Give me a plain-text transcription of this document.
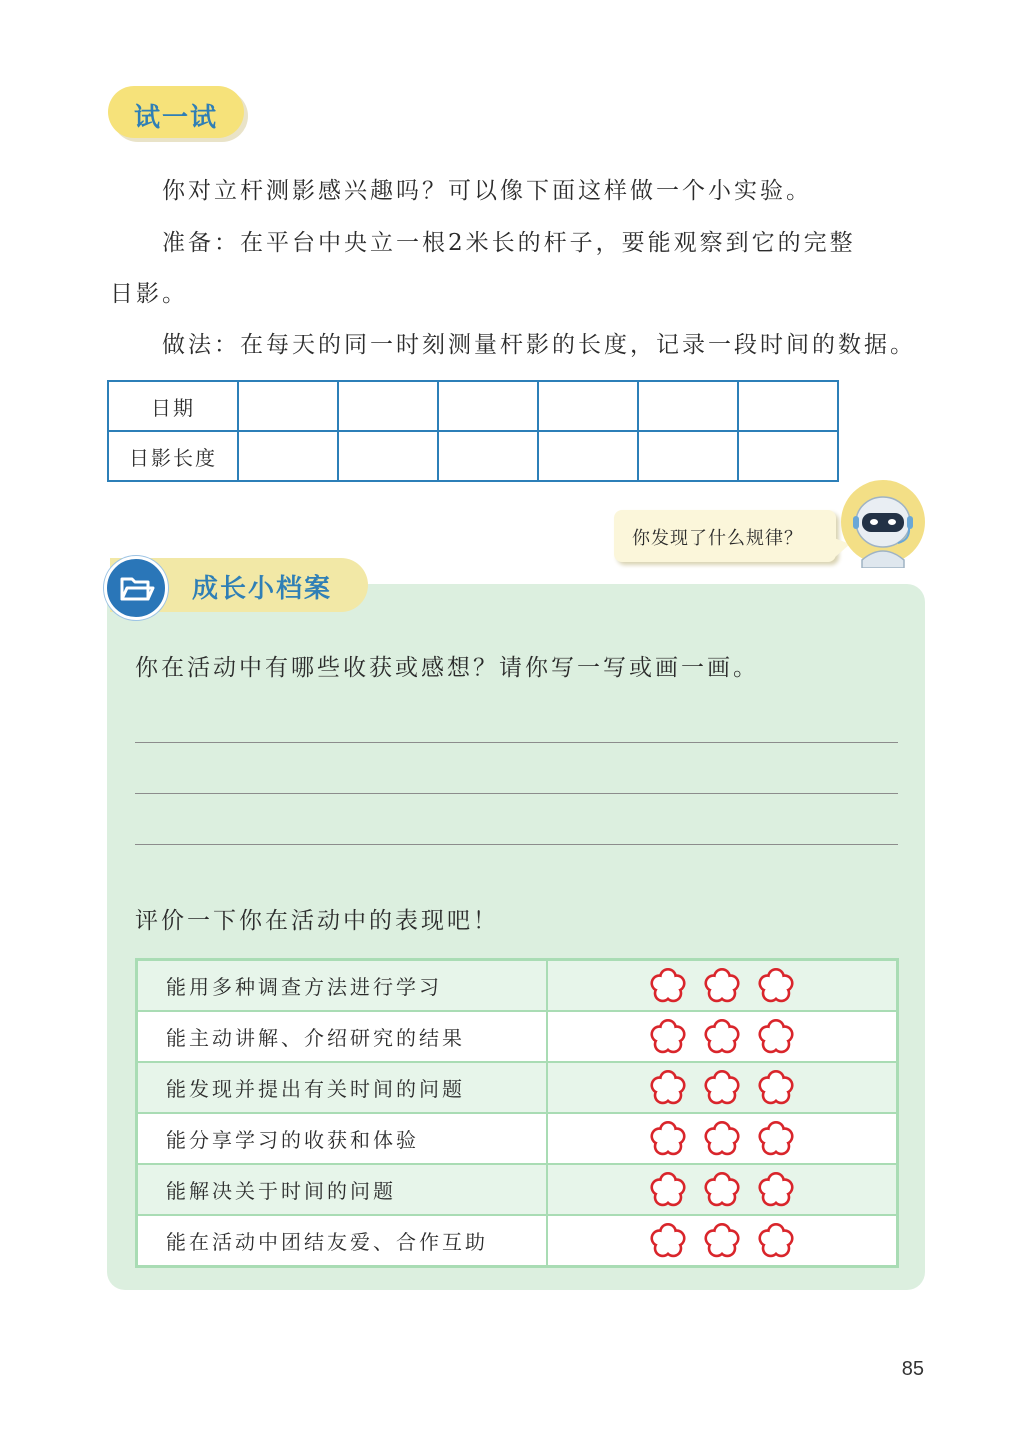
试一试
你对立杆测影感兴趣吗？可以像下面这样做一个小实验。
准备：在平台中央立一根2米长的杆子，要能观察到它的完整
日影。
做法：在每天的同一时刻测量杆影的长度，记录一段时间的数据。
日期						
日影长度						
你发现了什么规律？
成长小档案
你在活动中有哪些收获或感想？请你写一写或画一画。
评价一下你在活动中的表现吧！
能用多种调查方法进行学习	
能主动讲解、介绍研究的结果	
能发现并提出有关时间的问题	
能分享学习的收获和体验	
能解决关于时间的问题	
能在活动中团结友爱、合作互助	
85
